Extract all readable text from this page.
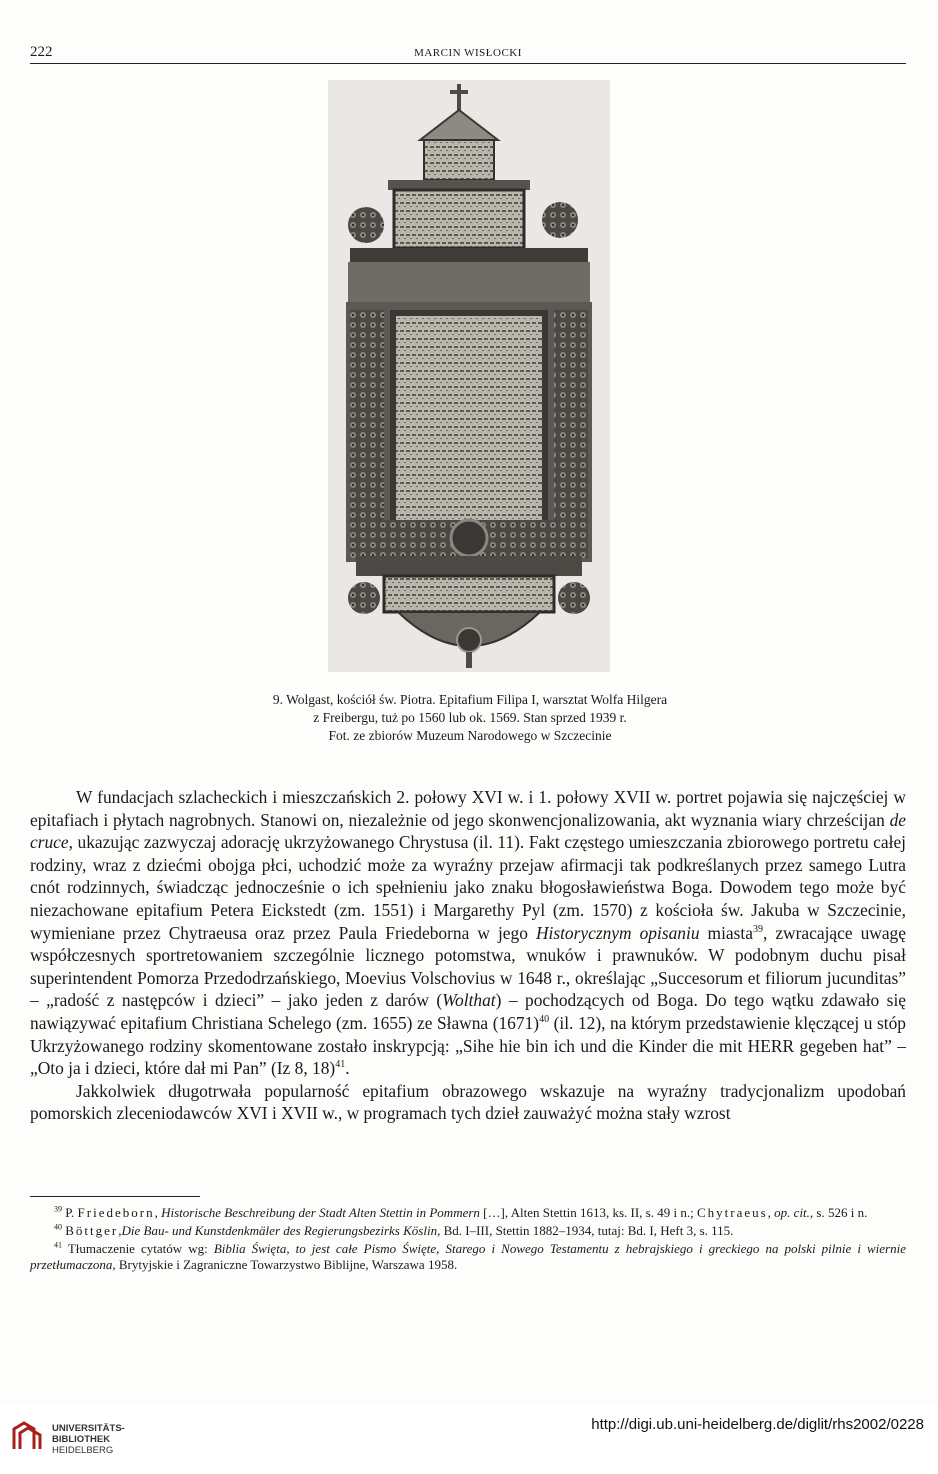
222	MARCIN WISŁOCKI
9. Wolgast, kościół św. Piotra. Epitafium Filipa I, warsztat Wolfa Hilgera
z Freibergu, tuż po 1560 lub ok. 1569. Stan sprzed 1939 r.
Fot. ze zbiorów Muzeum Narodowego w Szczecinie

W fundacjach szlacheckich i mieszczańskich 2. połowy XVI w. i 1. połowy XVII w. portret pojawia się najczęściej w epitafiach i płytach nagrobnych. Stanowi on, niezależnie od jego skonwencjonalizowania, akt wyznania wiary chrześcijan de cruce, ukazując zazwyczaj adorację ukrzyżowanego Chrystusa (il. 11). Fakt częstego umieszczania zbiorowego portretu całej rodziny, wraz z dziećmi obojga płci, uchodzić może za wyraźny przejaw afirmacji tak podkreślanych przez samego Lutra cnót rodzinnych, świadcząc jednocześnie o ich spełnieniu jako znaku błogosławieństwa Boga. Dowodem tego może być niezachowane epitafium Petera Eickstedt (zm. 1551) i Margarethy Pyl (zm. 1570) z kościoła św. Jakuba w Szczecinie, wymieniane przez Chytraeusa oraz przez Paula Friedeborna w jego Historycznym opisaniu miasta$^{39}$, zwracające uwagę współczesnych sportretowaniem szczególnie licznego potomstwa, wnuków i prawnuków. W podobnym duchu pisał superintendent Pomorza Przedodrzańskiego, Moevius Volschovius w 1648 r., określając „Succesorum et filiorum jucunditas” – „radość z następców i dzieci” – jako jeden z darów (Wolthat) – pochodzących od Boga. Do tego wątku zdawało się nawiązywać epitafium Christiana Schelego (zm. 1655) ze Sławna $(1671)^{40}$ (il. 12), na którym przedstawienie klęczącej u stóp Ukrzyżowanego rodziny skomentowane zostało inskrypcją: „Sihe hie bin ich und die Kinder die mit HERR gegeben hat” – „Oto ja i dzieci, które dał mi Pan” (Iz 8, 18)$^{41}$.

Jakkolwiek długotrwała popularność epitafium obrazowego wskazuje na wyraźny tradycjonalizm upodobań pomorskich zleceniodawców XVI i XVII w., w programach tych dzieł zauważyć można stały wzrost

$^{39}$ P. Friedeborn, Historische Beschreibung der Stadt Alten Stettin in Pommern […], Alten Stettin 1613, ks. II, s. 49 i n.; Chytraeus, op. cit., s. 526 i n.

$^{40}$ Böttger,Die Bau- und Kunstdenkmäler des Regierungsbezirks Köslin, Bd. I–III, Stettin 1882–1934, tutaj: Bd. I, Heft 3, s. 115.

$^{41}$ Tłumaczenie cytatów wg: Biblia Święta, to jest całe Pismo Święte, Starego i Nowego Testamentu z hebrajskiego i greckiego na polski pilnie i wiernie przetłumaczona, Brytyjskie i Zagraniczne Towarzystwo Biblijne, Warszawa 1958.

UNIVERSITÄTS-
BIBLIOTHEK
HEIDELBERG
http://digi.ub.uni-heidelberg.de/diglit/rhs2002/0228
